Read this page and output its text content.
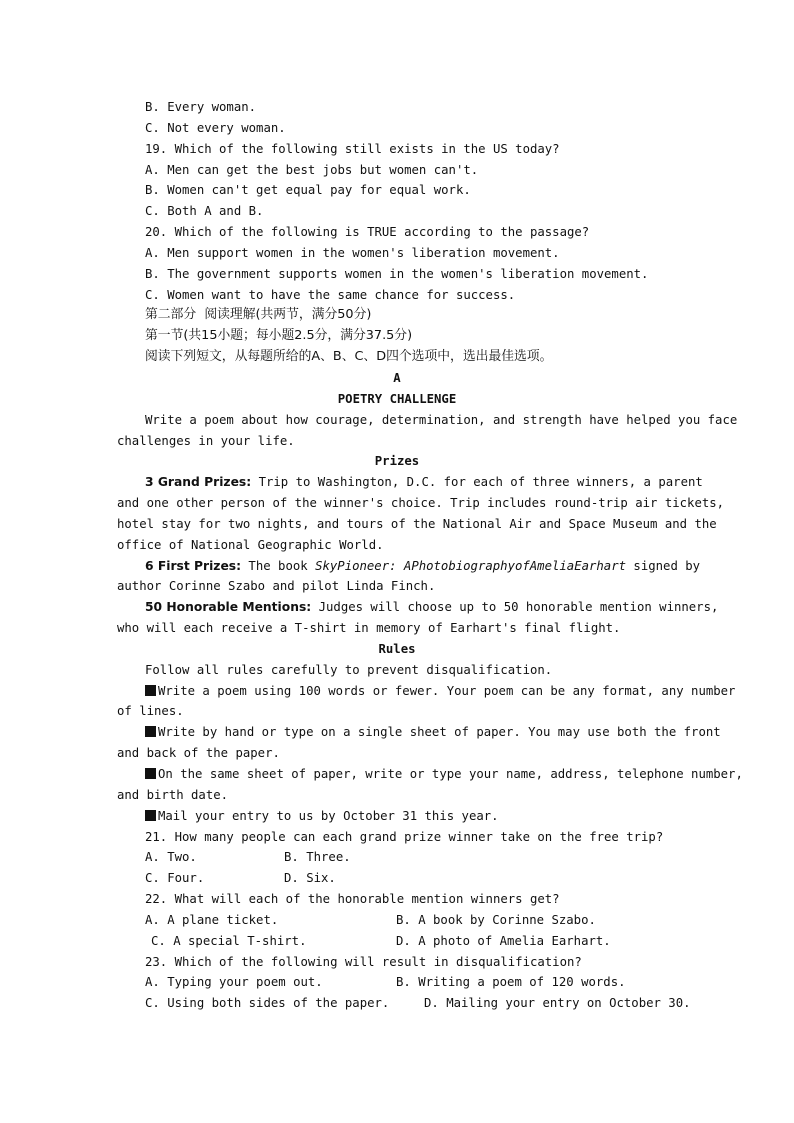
B. Every woman.
C. Not every woman.
19. Which of the following still exists in the US today?
A. Men can get the best jobs but women can't.
B. Women can't get equal pay for equal work.
C. Both A and B.
20. Which of the following is TRUE according to the passage?
A. Men support women in the women's liberation movement.
B. The government supports women in the women's liberation movement.
C. Women want to have the same chance for success.
第二部分  阅读理解(共两节，满分50分)
第一节(共15小题；每小题2.5分，满分37.5分)
阅读下列短文，从每题所给的A、B、C、D四个选项中，选出最佳选项。
A
POETRY CHALLENGE
Write a poem about how courage, determination, and strength have helped you face
challenges in your life.
Prizes
3 Grand Prizes: Trip to Washington, D.C. for each of three winners, a parent
and one other person of the winner's choice. Trip includes round-trip air tickets,
hotel stay for two nights, and tours of the National Air and Space Museum and the
office of National Geographic World.
6 First Prizes: The book SkyPioneer: APhotobiographyofAmeliaEarhart signed by
author Corinne Szabo and pilot Linda Finch.
50 Honorable Mentions: Judges will choose up to 50 honorable mention winners,
who will each receive a T-shirt in memory of Earhart's final flight.
Rules
Follow all rules carefully to prevent disqualification.
Write a poem using 100 words or fewer. Your poem can be any format, any number
of lines.
Write by hand or type on a single sheet of paper. You may use both the front
and back of the paper.
On the same sheet of paper, write or type your name, address, telephone number,
and birth date.
Mail your entry to us by October 31 this year.
21. How many people can each grand prize winner take on the free trip?
A. Two.	B. Three.
C. Four.	D. Six.
22. What will each of the honorable mention winners get?
A. A plane ticket.	B. A book by Corinne Szabo.
C. A special T-shirt.	D. A photo of Amelia Earhart.
23. Which of the following will result in disqualification?
A. Typing your poem out.	B. Writing a poem of 120 words.
C. Using both sides of the paper.	D. Mailing your entry on October 30.
